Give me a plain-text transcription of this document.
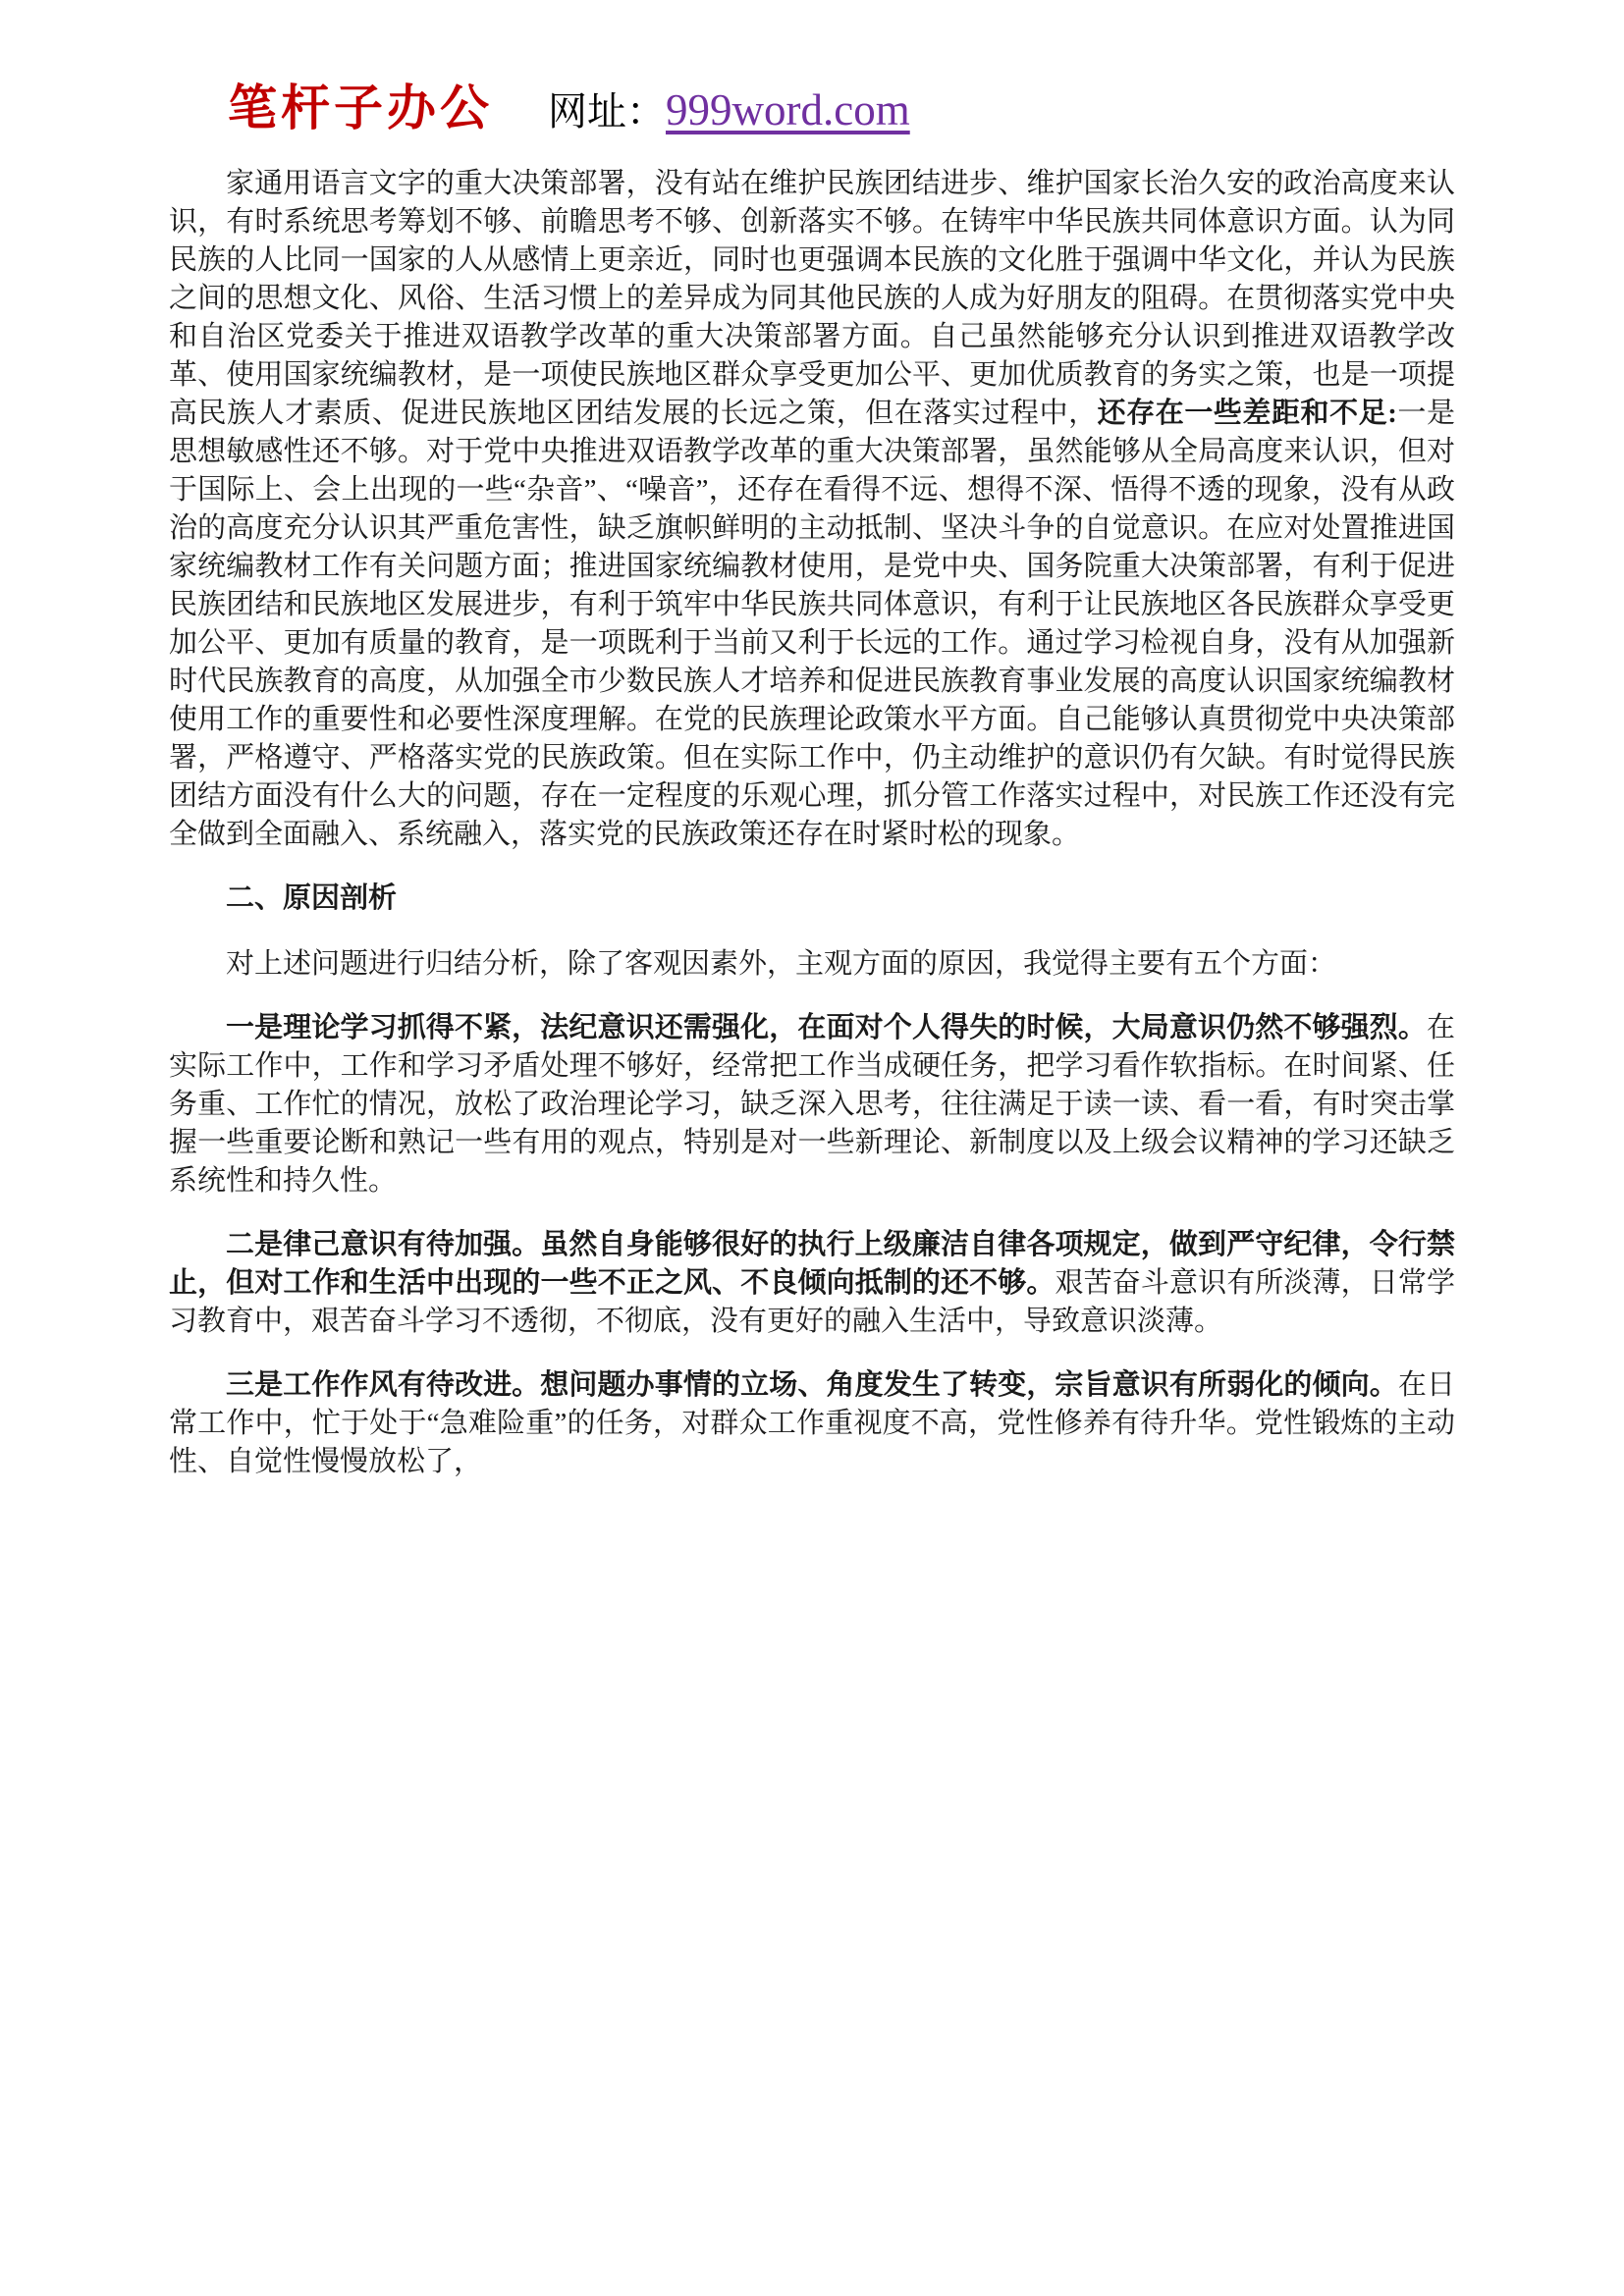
笔杆子办公 网址： 999word.com

家通用语言文字的重大决策部署，没有站在维护民族团结进步、维护国家长治久安的政治高度来认识，有时系统思考筹划不够、前瞻思考不够、创新落实不够。在铸牢中华民族共同体意识方面。认为同民族的人比同一国家的人从感情上更亲近，同时也更强调本民族的文化胜于强调中华文化，并认为民族之间的思想文化、风俗、生活习惯上的差异成为同其他民族的人成为好朋友的阻碍。在贯彻落实党中央和自治区党委关于推进双语教学改革的重大决策部署方面。自己虽然能够充分认识到推进双语教学改革、使用国家统编教材，是一项使民族地区群众享受更加公平、更加优质教育的务实之策，也是一项提高民族人才素质、促进民族地区团结发展的长远之策，但在落实过程中，还存在一些差距和不足:一是思想敏感性还不够。对于党中央推进双语教学改革的重大决策部署，虽然能够从全局高度来认识，但对于国际上、会上出现的一些“杂音”、“噪音”，还存在看得不远、想得不深、悟得不透的现象，没有从政治的高度充分认识其严重危害性，缺乏旗帜鲜明的主动抵制、坚决斗争的自觉意识。在应对处置推进国家统编教材工作有关问题方面；推进国家统编教材使用，是党中央、国务院重大决策部署，有利于促进民族团结和民族地区发展进步，有利于筑牢中华民族共同体意识，有利于让民族地区各民族群众享受更加公平、更加有质量的教育，是一项既利于当前又利于长远的工作。通过学习检视自身，没有从加强新时代民族教育的高度，从加强全市少数民族人才培养和促进民族教育事业发展的高度认识国家统编教材使用工作的重要性和必要性深度理解。在党的民族理论政策水平方面。自己能够认真贯彻党中央决策部署，严格遵守、严格落实党的民族政策。但在实际工作中，仍主动维护的意识仍有欠缺。有时觉得民族团结方面没有什么大的问题，存在一定程度的乐观心理，抓分管工作落实过程中，对民族工作还没有完全做到全面融入、系统融入，落实党的民族政策还存在时紧时松的现象。

二、原因剖析

对上述问题进行归结分析，除了客观因素外，主观方面的原因，我觉得主要有五个方面：

一是理论学习抓得不紧，法纪意识还需强化，在面对个人得失的时候，大局意识仍然不够强烈。在实际工作中，工作和学习矛盾处理不够好，经常把工作当成硬任务，把学习看作软指标。在时间紧、任务重、工作忙的情况，放松了政治理论学习，缺乏深入思考，往往满足于读一读、看一看，有时突击掌握一些重要论断和熟记一些有用的观点，特别是对一些新理论、新制度以及上级会议精神的学习还缺乏系统性和持久性。

二是律己意识有待加强。虽然自身能够很好的执行上级廉洁自律各项规定，做到严守纪律，令行禁止，但对工作和生活中出现的一些不正之风、不良倾向抵制的还不够。艰苦奋斗意识有所淡薄，日常学习教育中，艰苦奋斗学习不透彻，不彻底，没有更好的融入生活中，导致意识淡薄。

三是工作作风有待改进。想问题办事情的立场、角度发生了转变，宗旨意识有所弱化的倾向。在日常工作中，忙于处于“急难险重”的任务，对群众工作重视度不高，党性修养有待升华。党性锻炼的主动性、自觉性慢慢放松了，
